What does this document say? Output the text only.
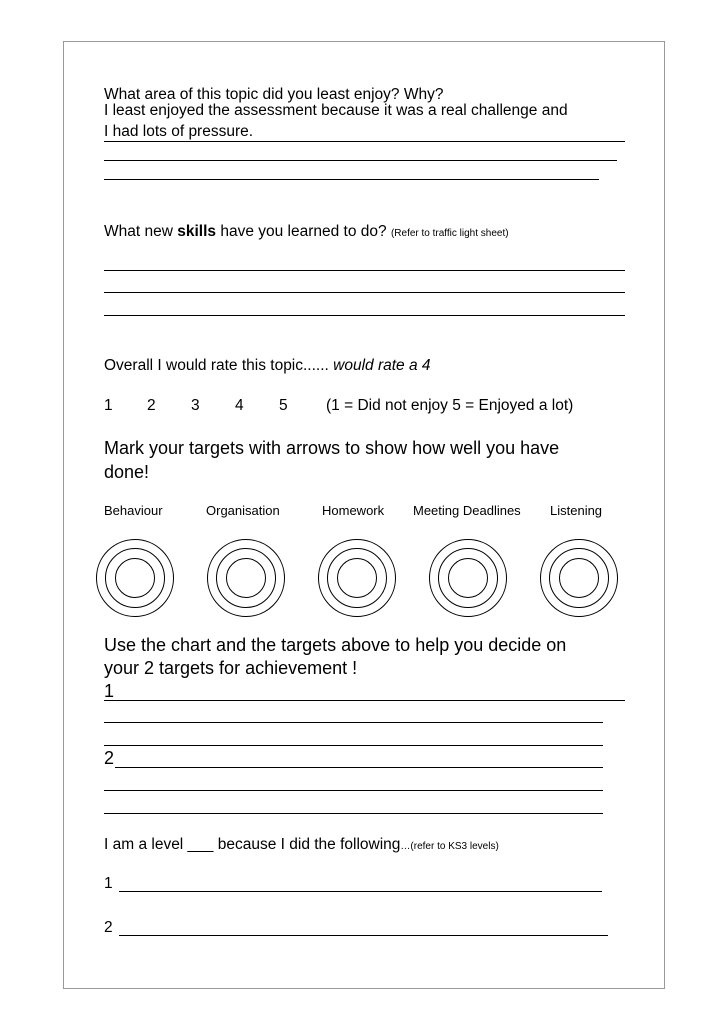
What area of this topic did you least enjoy? Why?
I least enjoyed the assessment because it was a real challenge and
I had lots of pressure.
What new skills have you learned to do? (Refer to traffic light sheet)
Overall I would rate this topic...... would rate a 4
1 2 3 4 5 (1 = Did not enjoy 5 = Enjoyed a lot)
Mark your targets with arrows to show how well you have
done!
Behaviour	Organisation	Homework Meeting Deadlines Listening
Use the chart and the targets above to help you decide on
your 2 targets for achievement !
1
2
I am a level ___ because I did the following…(refer to KS3 levels)
1
2
